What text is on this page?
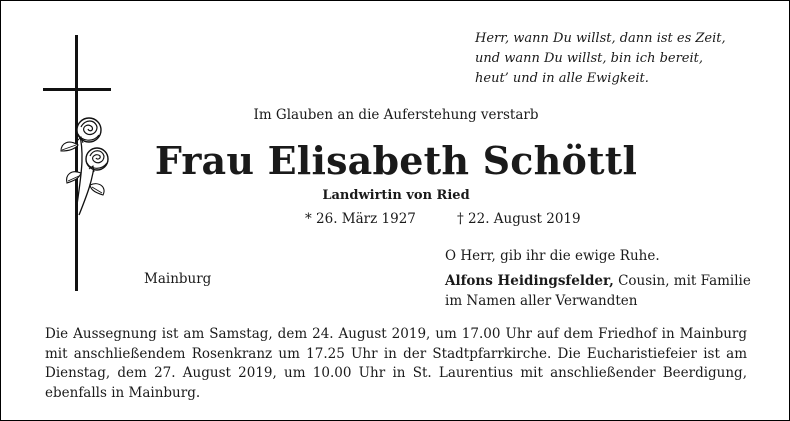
Herr, wann Du willst, dann ist es Zeit,
und wann Du willst, bin ich bereit,
heut’ und in alle Ewigkeit.
Im Glauben an die Auferstehung verstarb
Frau Elisabeth Schöttl
Landwirtin von Ried
* 26. März 1927	† 22. August 2019
O Herr, gib ihr die ewige Ruhe.
Mainburg	Alfons Heidingsfelder, Cousin, mit Familie
im Namen aller Verwandten
Die Aussegnung ist am Samstag, dem 24. August 2019, um 17.00 Uhr auf dem Friedhof in Mainburg
mit anschließendem Rosenkranz um 17.25 Uhr in der Stadtpfarrkirche. Die Eucharistiefeier ist am
Dienstag, dem 27. August 2019, um 10.00 Uhr in St. Laurentius mit anschließender Beerdigung,
ebenfalls in Mainburg.
